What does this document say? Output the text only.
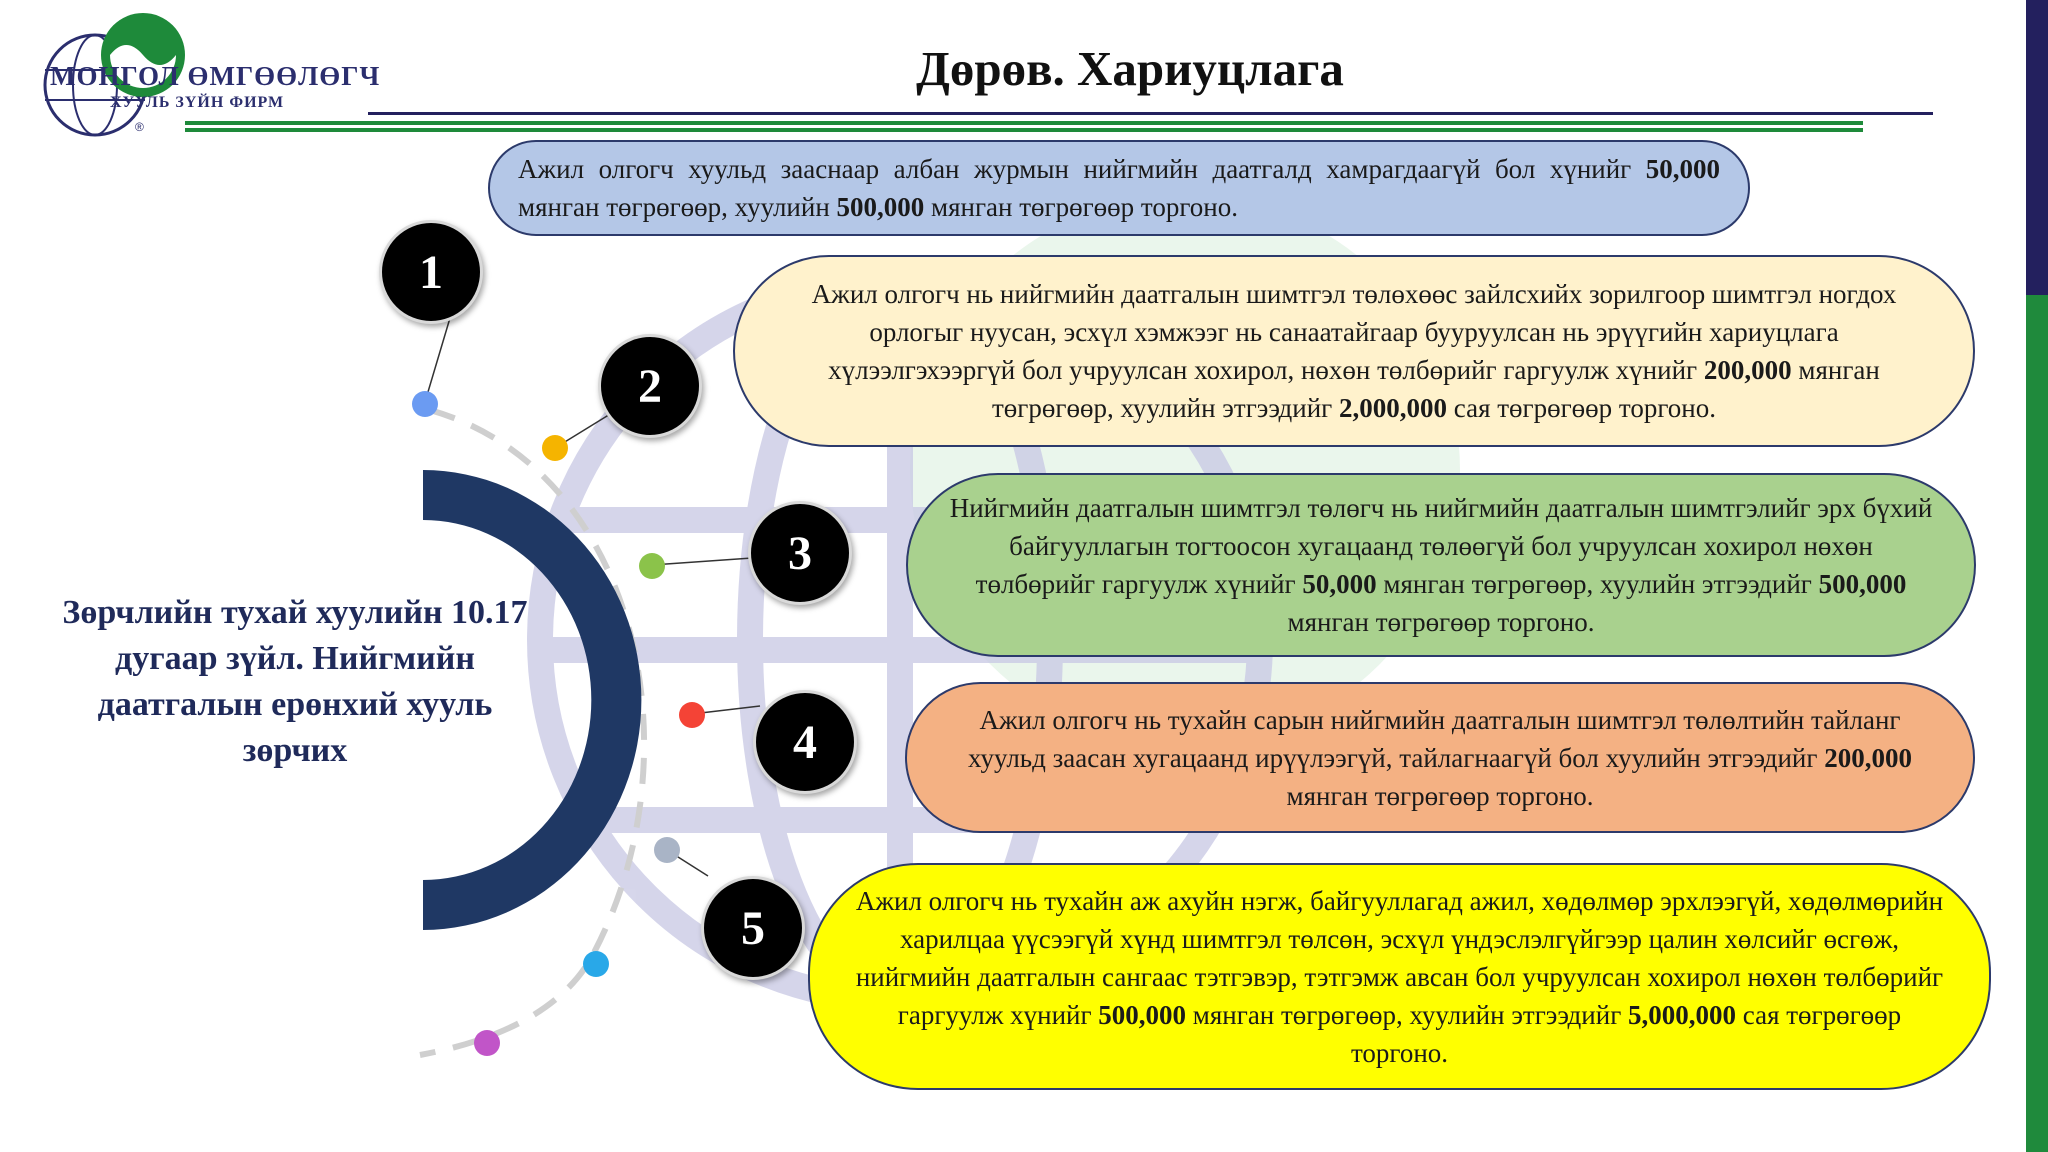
МОНГОЛ ӨМГӨӨЛӨГЧ
ХУУЛЬ ЗҮЙН ФИРМ
®
Дөрөв. Хариуцлага
Зөрчлийн тухай хуулийн 10.17 дугаар зүйл. Нийгмийн даатгалын ерөнхий хууль зөрчих
Ажил олгогч хуульд зааснаар албан журмын нийгмийн даатгалд хамрагдаагүй бол хүнийг 50,000 мянган төгрөгөөр, хуулийн 500,000 мянган төгрөгөөр торгоно.
Ажил олгогч нь нийгмийн даатгалын шимтгэл төлөхөөс зайлсхийх зорилгоор шимтгэл ногдох орлогыг нуусан, эсхүл хэмжээг нь санаатайгаар бууруулсан нь эрүүгийн хариуцлага хүлээлгэхээргүй бол учруулсан хохирол, нөхөн төлбөрийг гаргуулж хүнийг 200,000 мянган төгрөгөөр, хуулийн этгээдийг 2,000,000 сая төгрөгөөр торгоно.
Нийгмийн даатгалын шимтгэл төлөгч нь нийгмийн даатгалын шимтгэлийг эрх бүхий байгууллагын тогтоосон хугацаанд төлөөгүй бол учруулсан хохирол нөхөн төлбөрийг гаргуулж хүнийг 50,000 мянган төгрөгөөр, хуулийн этгээдийг 500,000 мянган төгрөгөөр торгоно.
Ажил олгогч нь тухайн сарын нийгмийн даатгалын шимтгэл төлөлтийн тайланг хуульд заасан хугацаанд ирүүлээгүй, тайлагнаагүй бол хуулийн этгээдийг 200,000 мянган төгрөгөөр торгоно.
Ажил олгогч нь тухайн аж ахуйн нэгж, байгууллагад ажил, хөдөлмөр эрхлээгүй, хөдөлмөрийн харилцаа үүсээгүй хүнд шимтгэл төлсөн, эсхүл үндэслэлгүйгээр цалин хөлсийг өсгөж, нийгмийн даатгалын сангаас тэтгэвэр, тэтгэмж авсан бол учруулсан хохирол нөхөн төлбөрийг гаргуулж хүнийг 500,000 мянган төгрөгөөр, хуулийн этгээдийг 5,000,000 сая төгрөгөөр торгоно.
1
2
3
4
5
